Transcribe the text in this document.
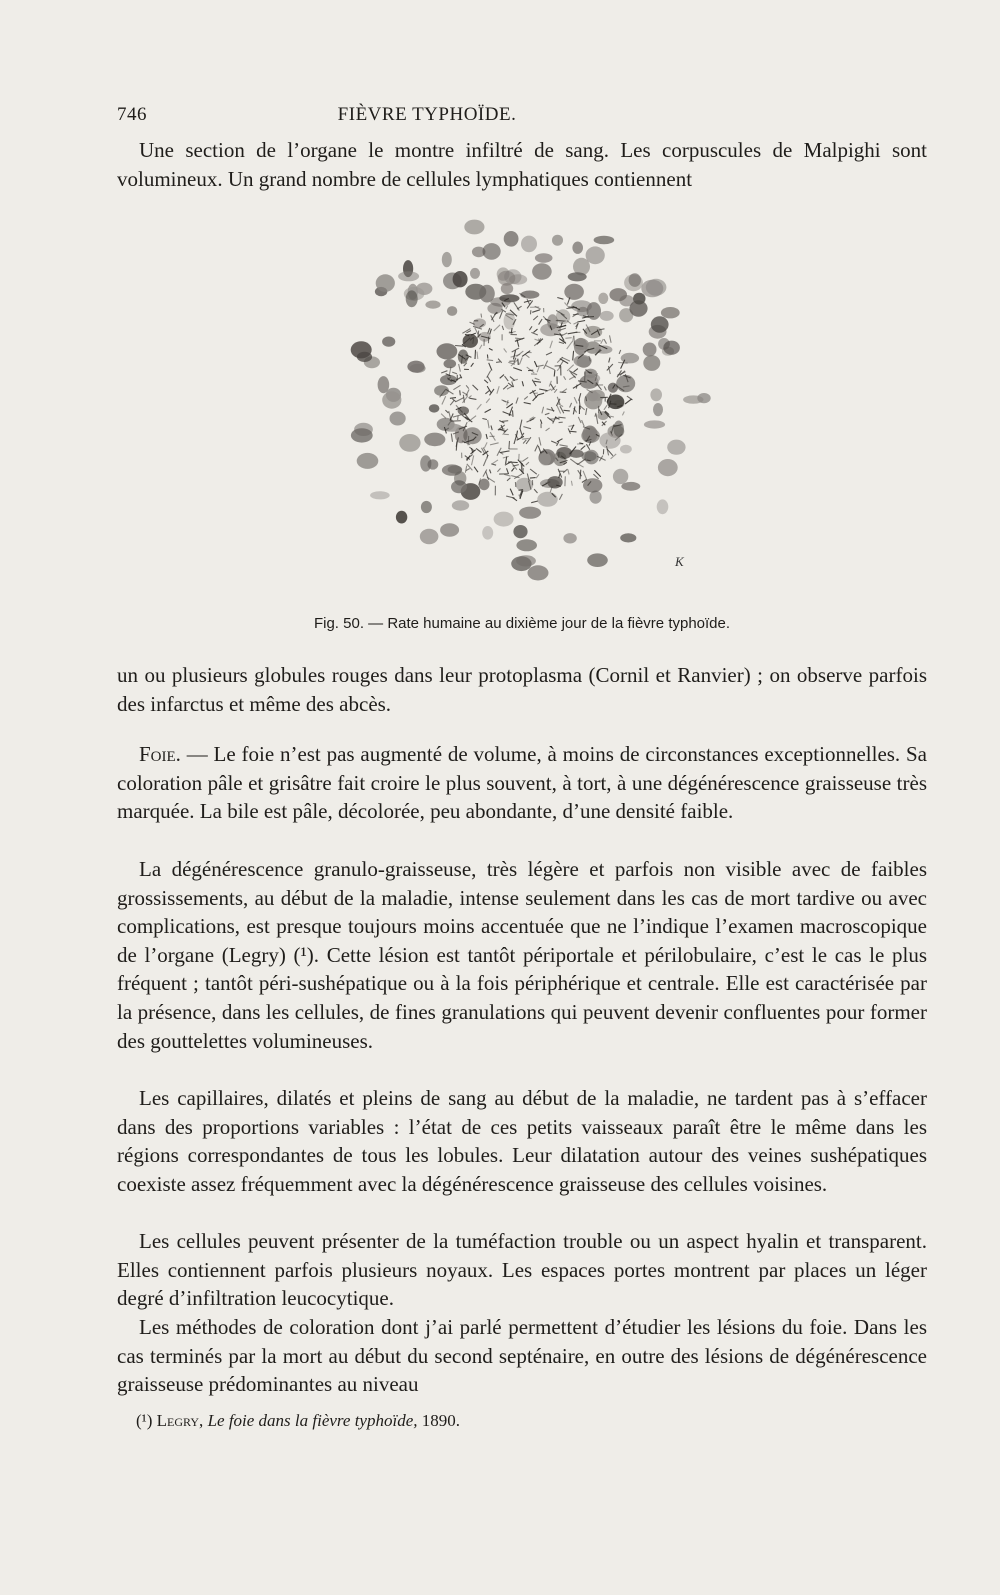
746	FIÈVRE TYPHOÏDE.

Une section de l’organe le montre infiltré de sang. Les corpuscules de Malpighi sont volumineux. Un grand nombre de cellules lymphatiques contiennent

K
Fig. 50. — Rate humaine au dixième jour de la fièvre typhoïde.

un ou plusieurs globules rouges dans leur protoplasma (Cornil et Ranvier) ; on observe parfois des infarctus et même des abcès.

Foie. — Le foie n’est pas augmenté de volume, à moins de circonstances exceptionnelles. Sa coloration pâle et grisâtre fait croire le plus souvent, à tort, à une dégénérescence graisseuse très marquée. La bile est pâle, décolorée, peu abondante, d’une densité faible.

La dégénérescence granulo-graisseuse, très légère et parfois non visible avec de faibles grossissements, au début de la maladie, intense seulement dans les cas de mort tardive ou avec complications, est presque toujours moins accentuée que ne l’indique l’examen macroscopique de l’organe (Legry) (¹). Cette lésion est tantôt périportale et périlobulaire, c’est le cas le plus fréquent ; tantôt péri-sushépatique ou à la fois périphérique et centrale. Elle est caractérisée par la présence, dans les cellules, de fines granulations qui peuvent devenir confluentes pour former des gouttelettes volumineuses.

Les capillaires, dilatés et pleins de sang au début de la maladie, ne tardent pas à s’effacer dans des proportions variables : l’état de ces petits vaisseaux paraît être le même dans les régions correspondantes de tous les lobules. Leur dilatation autour des veines sushépatiques coexiste assez fréquemment avec la dégénérescence graisseuse des cellules voisines.

Les cellules peuvent présenter de la tuméfaction trouble ou un aspect hyalin et transparent. Elles contiennent parfois plusieurs noyaux. Les espaces portes montrent par places un léger degré d’infiltration leucocytique.

Les méthodes de coloration dont j’ai parlé permettent d’étudier les lésions du foie. Dans les cas terminés par la mort au début du second septénaire, en outre des lésions de dégénérescence graisseuse prédominantes au niveau

(¹) Legry, Le foie dans la fièvre typhoïde, 1890.
